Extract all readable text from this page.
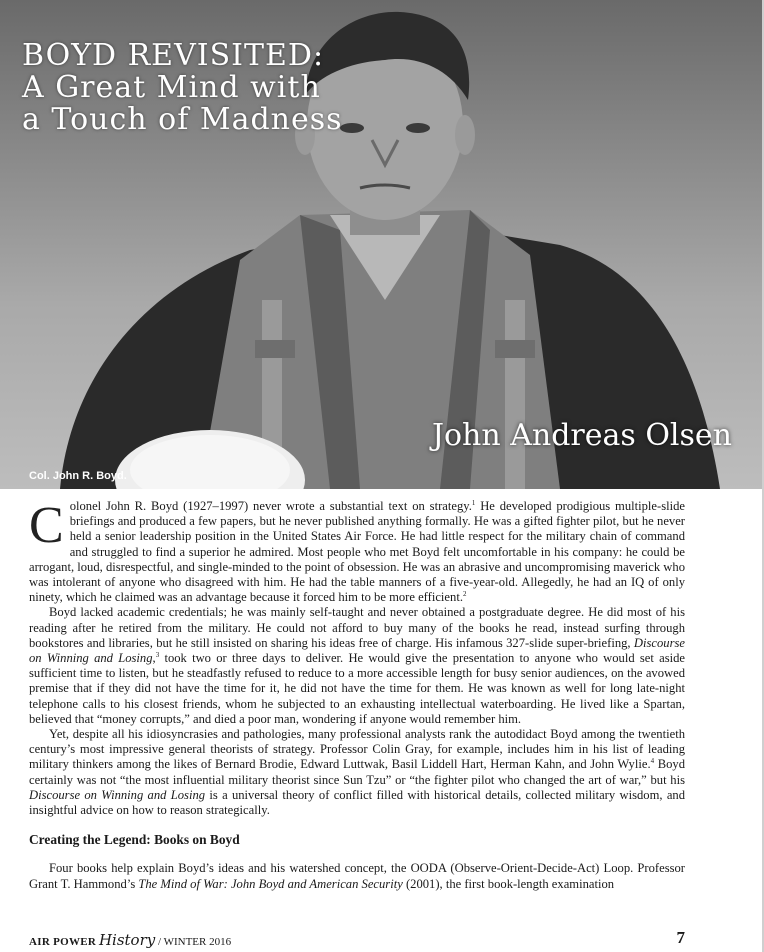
BOYD REVISITED:
A Great Mind with
a Touch of Madness
John Andreas Olsen
Col. John R. Boyd.

Colonel John R. Boyd (1927–1997) never wrote a substantial text on strategy.$^1$ He developed prodigious multiple-slide briefings and produced a few papers, but he never published anything formally. He was a gifted fighter pilot, but he never held a senior leadership position in the United States Air Force. He had little respect for the military chain of command and struggled to find a superior he admired. Most people who met Boyd felt uncomfortable in his company: he could be arrogant, loud, disrespectful, and single-minded to the point of obsession. He was an abrasive and uncompromising maverick who was intolerant of anyone who disagreed with him. He had the table manners of a five-year-old. Allegedly, he had an IQ of only ninety, which he claimed was an advantage because it forced him to be more efficient.$^2$

Boyd lacked academic credentials; he was mainly self-taught and never obtained a postgraduate degree. He did most of his reading after he retired from the military. He could not afford to buy many of the books he read, instead surfing through bookstores and libraries, but he still insisted on sharing his ideas free of charge. His infamous 327-slide super-briefing, Discourse on Winning and Losing,$^3$ took two or three days to deliver. He would give the presentation to anyone who would set aside sufficient time to listen, but he steadfastly refused to reduce to a more accessible length for busy senior audiences, on the avowed premise that if they did not have the time for it, he did not have the time for them. He was known as well for long late-night telephone calls to his closest friends, whom he subjected to an exhausting intellectual waterboarding. He lived like a Spartan, believed that “money corrupts,” and died a poor man, wondering if anyone would remember him.

Yet, despite all his idiosyncrasies and pathologies, many professional analysts rank the autodidact Boyd among the twentieth century’s most impressive general theorists of strategy. Professor Colin Gray, for example, includes him in his list of leading military thinkers among the likes of Bernard Brodie, Edward Luttwak, Basil Liddell Hart, Herman Kahn, and John Wylie.$^4$ Boyd certainly was not “the most influential military theorist since Sun Tzu” or “the fighter pilot who changed the art of war,” but his Discourse on Winning and Losing is a universal theory of conflict filled with historical details, collected military wisdom, and insightful advice on how to reason strategically.

Creating the Legend: Books on Boyd

Four books help explain Boyd’s ideas and his watershed concept, the OODA (Observe-Orient-Decide-Act) Loop. Professor Grant T. Hammond’s The Mind of War: John Boyd and American Security (2001), the first book-length examination

AIR POWER History / WINTER 2016	7
